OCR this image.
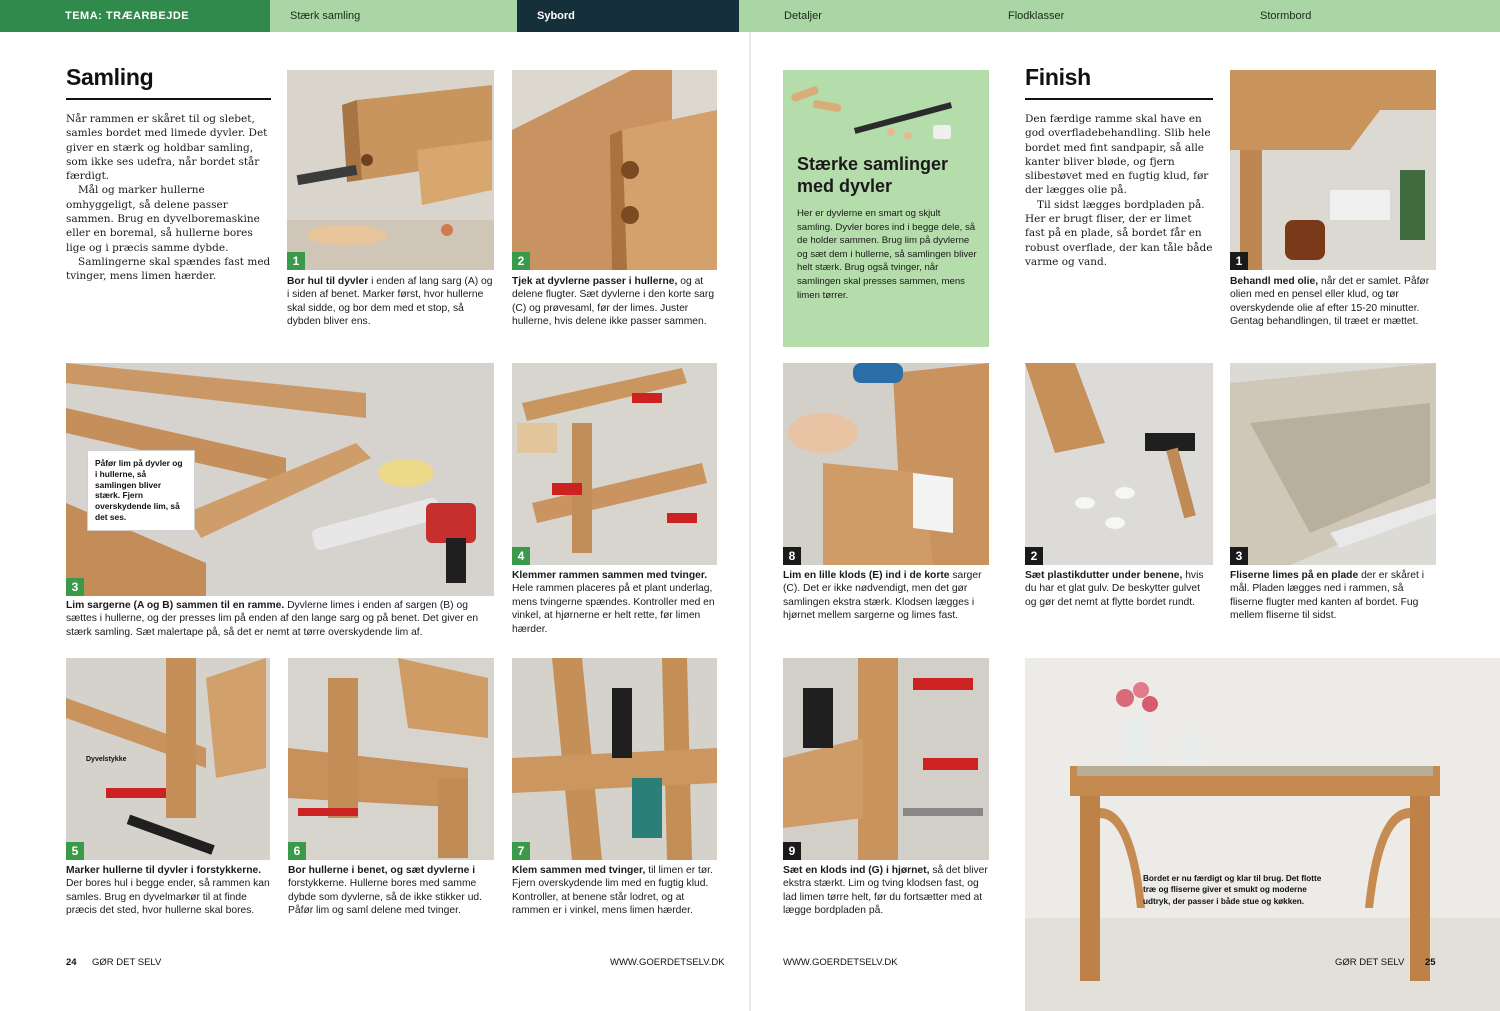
TEMA: TRÆARBEJDE	Stærk samling	Sybord	Detaljer	Flodklasser	Stormbord
Samling

Når rammen er skåret til og slebet, samles bordet med limede dyvler. Det giver en stærk og holdbar samling, som ikke ses udefra, når bordet står færdigt.

Mål og marker hullerne omhyggeligt, så delene passer sammen. Brug en dyvelboremaskine eller en boremal, så hullerne bores lige og i præcis samme dybde.

Samlingerne skal spændes fast med tvinger, mens limen hærder.

1
Bor hul til dyvler i enden af lang sarg (A) og i siden af benet. Marker først, hvor hullerne skal sidde, og bor dem med et stop, så dybden bliver ens.
2
Tjek at dyvlerne passer i hullerne, og at delene flugter. Sæt dyvlerne i den korte sarg (C) og prøvesaml, før der limes. Juster hullerne, hvis delene ikke passer sammen.
3
Påfør lim på dyvler og i hullerne, så samlingen bliver stærk. Fjern overskydende lim, så det ses.
Lim sargerne (A og B) sammen til en ramme. Dyvlerne limes i enden af sargen (B) og sættes i hullerne, og der presses lim på enden af den lange sarg og på benet. Det giver en stærk samling. Sæt malertape på, så det er nemt at tørre overskydende lim af.
4
Klemmer rammen sammen med tvinger. Hele rammen placeres på et plant underlag, mens tvingerne spændes. Kontroller med en vinkel, at hjørnerne er helt rette, før limen hærder.
5
Dyvelstykke
Marker hullerne til dyvler i forstykkerne. Der bores hul i begge ender, så rammen kan samles. Brug en dyvelmarkør til at finde præcis det sted, hvor hullerne skal bores.
6
Bor hullerne i benet, og sæt dyvlerne i forstykkerne. Hullerne bores med samme dybde som dyvlerne, så de ikke stikker ud. Påfør lim og saml delene med tvinger.
7
Klem sammen med tvinger, til limen er tør. Fjern overskydende lim med en fugtig klud. Kontroller, at benene står lodret, og at rammen er i vinkel, mens limen hærder.
24 GØR DET SELV	WWW.GOERDETSELV.DK
Stærke samlinger med dyvler
Her er dyvlerne en smart og skjult samling. Dyvler bores ind i begge dele, så de holder sammen. Brug lim på dyvlerne og sæt dem i hullerne, så samlingen bliver helt stærk. Brug også tvinger, når samlingen skal presses sammen, mens limen tørrer.
Finish

Den færdige ramme skal have en god overfladebehandling. Slib hele bordet med fint sandpapir, så alle kanter bliver bløde, og fjern slibestøvet med en fugtig klud, før der lægges olie på.

Til sidst lægges bordpladen på. Her er brugt fliser, der er limet fast på en plade, så bordet får en robust overflade, der kan tåle både varme og vand.	1
Behandl med olie, når det er samlet. Påfør olien med en pensel eller klud, og tør overskydende olie af efter 15-20 minutter. Gentag behandlingen, til træet er mættet.
8
Lim en lille klods (E) ind i de korte sarger (C). Det er ikke nødvendigt, men det gør samlingen ekstra stærk. Klodsen lægges i hjørnet mellem sargerne og limes fast.
2
Sæt plastikdutter under benene, hvis du har et glat gulv. De beskytter gulvet og gør det nemt at flytte bordet rundt.
3
Fliserne limes på en plade der er skåret i mål. Pladen lægges ned i rammen, så fliserne flugter med kanten af bordet. Fug mellem fliserne til sidst.
9
Sæt en klods ind (G) i hjørnet, så det bliver ekstra stærkt. Lim og tving klodsen fast, og lad limen tørre helt, før du fortsætter med at lægge bordpladen på.
Bordet er nu færdigt og klar til brug. Det flotte træ og fliserne giver et smukt og moderne udtryk, der passer i både stue og køkken.
WWW.GOERDETSELV.DK	GØR DET SELV 25
